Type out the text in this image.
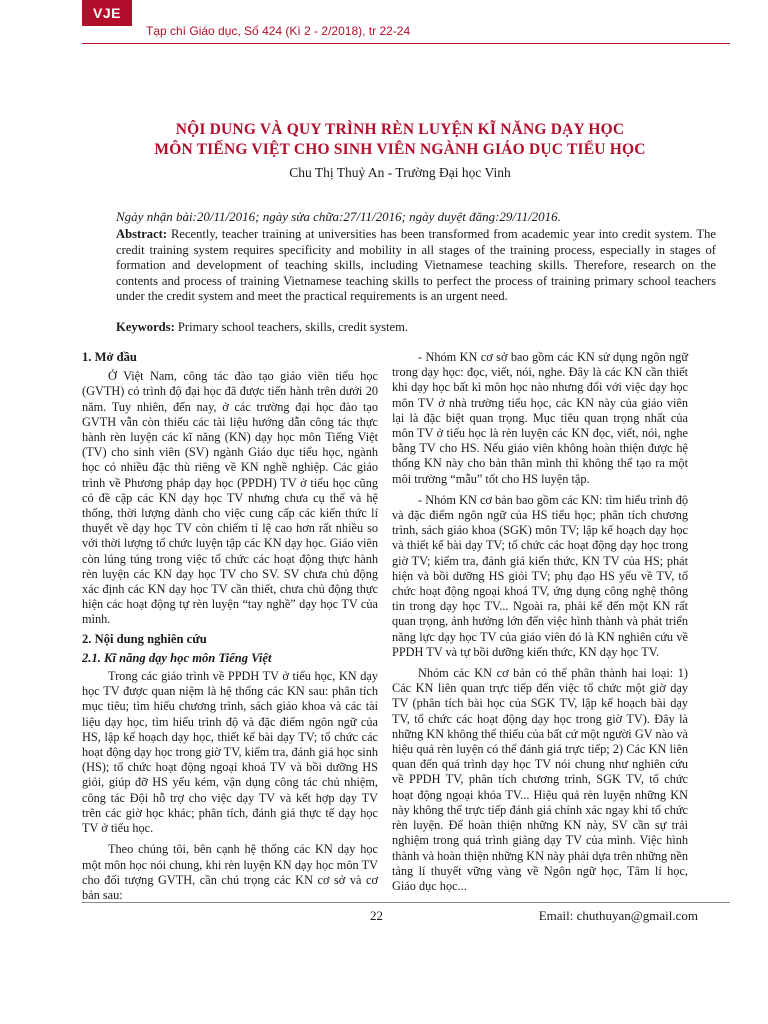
VJE
Tạp chí Giáo dục, Số 424 (Kì 2 - 2/2018), tr 22-24
NỘI DUNG VÀ QUY TRÌNH RÈN LUYỆN KĨ NĂNG DẠY HỌC
MÔN TIẾNG VIỆT CHO SINH VIÊN NGÀNH GIÁO DỤC TIỂU HỌC
Chu Thị Thuỷ An - Trường Đại học Vinh
Ngày nhận bài:20/11/2016; ngày sửa chữa:27/11/2016; ngày duyệt đăng:29/11/2016.
Abstract: Recently, teacher training at universities has been transformed from academic year into credit system. The credit training system requires specificity and mobility in all stages of the training process, especially in stages of formation and development of teaching skills, including Vietnamese teaching skills. Therefore, research on the contents and process of training Vietnamese teaching skills to perfect the process of training primary school teachers under the credit system and meet the practical requirements is an urgent need.
Keywords: Primary school teachers, skills, credit system.
1. Mở đầu

Ở Việt Nam, công tác đào tạo giáo viên tiểu học (GVTH) có trình độ đại học đã được tiến hành trên dưới 20 năm. Tuy nhiên, đến nay, ở các trường đại học đào tạo GVTH vẫn còn thiếu các tài liệu hướng dẫn công tác thực hành rèn luyện các kĩ năng (KN) dạy học môn Tiếng Việt (TV) cho sinh viên (SV) ngành Giáo dục tiểu học, ngành học có nhiều đặc thù riêng về KN nghề nghiệp. Các giáo trình về Phương pháp dạy học (PPDH) TV ở tiểu học cũng có đề cập các KN dạy học TV nhưng chưa cụ thể và hệ thống, thời lượng dành cho việc cung cấp các kiến thức lí thuyết về dạy học TV còn chiếm tỉ lệ cao hơn rất nhiều so với thời lượng tổ chức luyện tập các KN dạy học. Giáo viên còn lúng túng trong việc tổ chức các hoạt động thực hành rèn luyện các KN dạy học TV cho SV. SV chưa chủ động xác định các KN dạy học TV cần thiết, chưa chủ động thực hiện các hoạt động tự rèn luyện “tay nghề” dạy học TV của mình.

2. Nội dung nghiên cứu
2.1. Kĩ năng dạy học môn Tiếng Việt

Trong các giáo trình về PPDH TV ở tiểu học, KN dạy học TV được quan niệm là hệ thống các KN sau: phân tích mục tiêu; tìm hiểu chương trình, sách giáo khoa và các tài liệu dạy học, tìm hiểu trình độ và đặc điểm ngôn ngữ của HS, lập kế hoạch dạy học, thiết kế bài dạy TV; tổ chức các hoạt động dạy học trong giờ TV, kiểm tra, đánh giá học sinh (HS); tổ chức hoạt động ngoại khoá TV và bồi dưỡng HS giỏi, giúp đỡ HS yếu kém, vận dụng công tác chủ nhiệm, công tác Đội hỗ trợ cho việc dạy TV và kết hợp dạy TV trên các giờ học khác; phân tích, đánh giá thực tế dạy học TV ở tiểu học.

Theo chúng tôi, bên cạnh hệ thống các KN dạy học một môn học nói chung, khi rèn luyện KN dạy học môn TV cho đối tượng GVTH, cần chú trọng các KN cơ sở và cơ bản sau:

- Nhóm KN cơ sở bao gồm các KN sử dụng ngôn ngữ trong dạy học: đọc, viết, nói, nghe. Đây là các KN cần thiết khi dạy học bất kì môn học nào nhưng đối với việc dạy học môn TV ở nhà trường tiểu học, các KN này của giáo viên lại là đặc biệt quan trọng. Mục tiêu quan trọng nhất của môn TV ở tiểu học là rèn luyện các KN đọc, viết, nói, nghe bằng TV cho HS. Nếu giáo viên không hoàn thiện được hệ thống KN này cho bản thân mình thì không thể tạo ra một môi trường “mẫu” tốt cho HS luyện tập.

- Nhóm KN cơ bản bao gồm các KN: tìm hiểu trình độ và đặc điểm ngôn ngữ của HS tiểu học; phân tích chương trình, sách giáo khoa (SGK) môn TV; lập kế hoạch dạy học và thiết kế bài dạy TV; tổ chức các hoạt động dạy học trong giờ TV; kiểm tra, đánh giá kiến thức, KN TV của HS; phát hiện và bồi dưỡng HS giỏi TV; phụ đạo HS yếu về TV, tổ chức hoạt động ngoại khoá TV, ứng dụng công nghệ thông tin trong dạy học TV... Ngoài ra, phải kể đến một KN rất quan trọng, ảnh hưởng lớn đến việc hình thành và phát triển năng lực dạy học TV của giáo viên đó là KN nghiên cứu về PPDH TV và tự bồi dưỡng kiến thức, KN dạy học TV.

Nhóm các KN cơ bản có thể phân thành hai loại: 1) Các KN liên quan trực tiếp đến việc tổ chức một giờ dạy TV (phân tích bài học của SGK TV, lập kế hoạch bài dạy TV, tổ chức các hoạt động dạy học trong giờ TV). Đây là những KN không thể thiếu của bất cứ một người GV nào và hiệu quả rèn luyện có thể đánh giá trực tiếp; 2) Các KN liên quan đến quá trình dạy học TV nói chung như nghiên cứu về PPDH TV, phân tích chương trình, SGK TV, tổ chức hoạt động ngoại khóa TV... Hiệu quả rèn luyện những KN này không thể trực tiếp đánh giá chính xác ngay khi tổ chức rèn luyện. Để hoàn thiện những KN này, SV cần sự trải nghiệm trong quá trình giảng dạy TV của mình. Việc hình thành và hoàn thiện những KN này phải dựa trên những nền tảng lí thuyết vững vàng về Ngôn ngữ học, Tâm lí học, Giáo dục học...

22	Email: chuthuyan@gmail.com
